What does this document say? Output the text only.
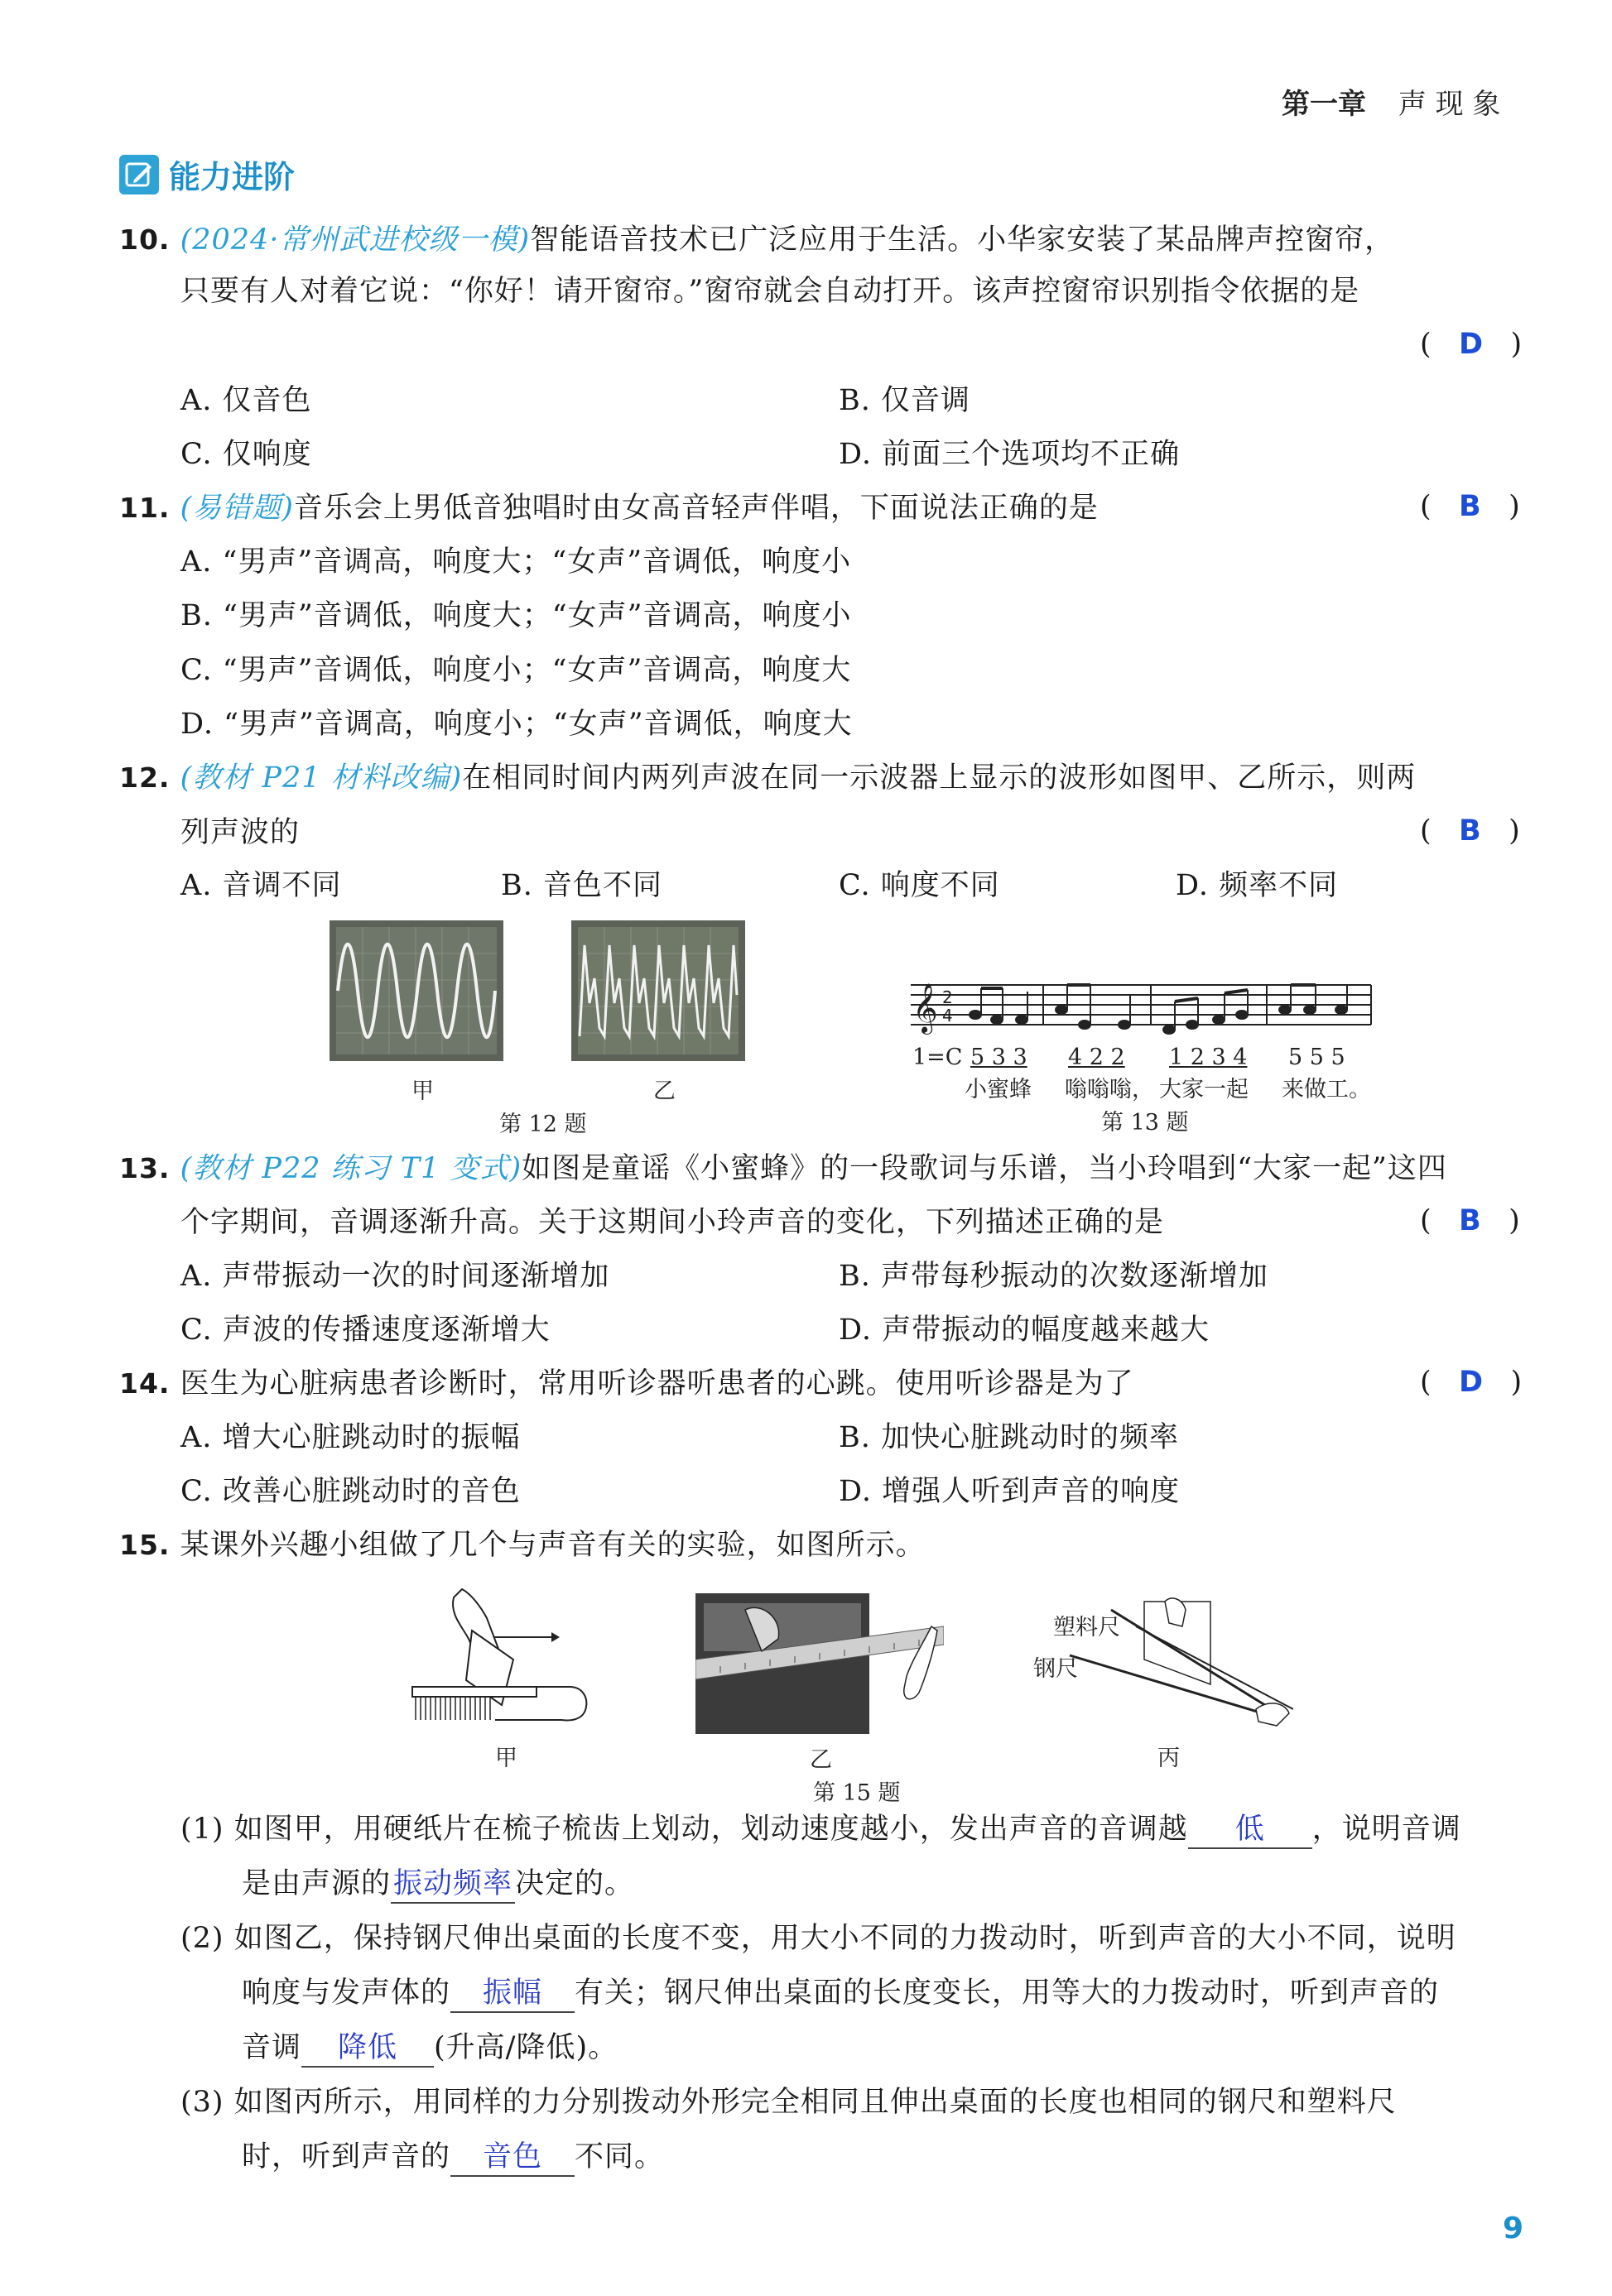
第一章 声 现 象
能力进阶
10. (2024·常州武进校级一模)智能语音技术已广泛应用于生活。小华家安装了某品牌声控窗帘，
只要有人对着它说：“你好！请开窗帘。”窗帘就会自动打开。该声控窗帘识别指令依据的是
(   D   )
A. 仅音色	B. 仅音调
C. 仅响度	D. 前面三个选项均不正确
11. (易错题)音乐会上男低音独唱时由女高音轻声伴唱，下面说法正确的是	(   B   )
A. “男声”音调高，响度大；“女声”音调低，响度小
B. “男声”音调低，响度大；“女声”音调高，响度小
C. “男声”音调低，响度小；“女声”音调高，响度大
D. “男声”音调高，响度小；“女声”音调低，响度大
12. (教材 P21 材料改编)在相同时间内两列声波在同一示波器上显示的波形如图甲、乙所示，则两
列声波的	(   B   )
A. 音调不同	B. 音色不同	C. 响度不同	D. 频率不同
甲	乙
第 12 题
𝄞 2
4
1=C 5 3 3 4 2 2 1 2 3 4 5 5 5
小蜜蜂 嗡嗡嗡， 大家一起 来做工。
第 13 题
13. (教材 P22 练习 T1 变式)如图是童谣《小蜜蜂》的一段歌词与乐谱，当小玲唱到“大家一起”这四
个字期间，音调逐渐升高。关于这期间小玲声音的变化，下列描述正确的是	(   B   )
A. 声带振动一次的时间逐渐增加	B. 声带每秒振动的次数逐渐增加
C. 声波的传播速度逐渐增大	D. 声带振动的幅度越来越大
14. 医生为心脏病患者诊断时，常用听诊器听患者的心跳。使用听诊器是为了	(   D   )
A. 增大心脏跳动时的振幅	B. 加快心脏跳动时的频率
C. 改善心脏跳动时的音色	D. 增强人听到声音的响度
15. 某课外兴趣小组做了几个与声音有关的实验，如图所示。
塑料尺
钢尺
甲	乙	丙
第 15 题
(1) 如图甲，用硬纸片在梳子梳齿上划动，划动速度越小，发出声音的音调越 低 ，说明音调
是由声源的振动频率决定的。
(2) 如图乙，保持钢尺伸出桌面的长度不变，用大小不同的力拨动时，听到声音的大小不同，说明
响度与发声体的 振幅 有关；钢尺伸出桌面的长度变长，用等大的力拨动时，听到声音的
音调 降低 (升高/降低)。
(3) 如图丙所示，用同样的力分别拨动外形完全相同且伸出桌面的长度也相同的钢尺和塑料尺
时，听到声音的 音色 不同。
9
